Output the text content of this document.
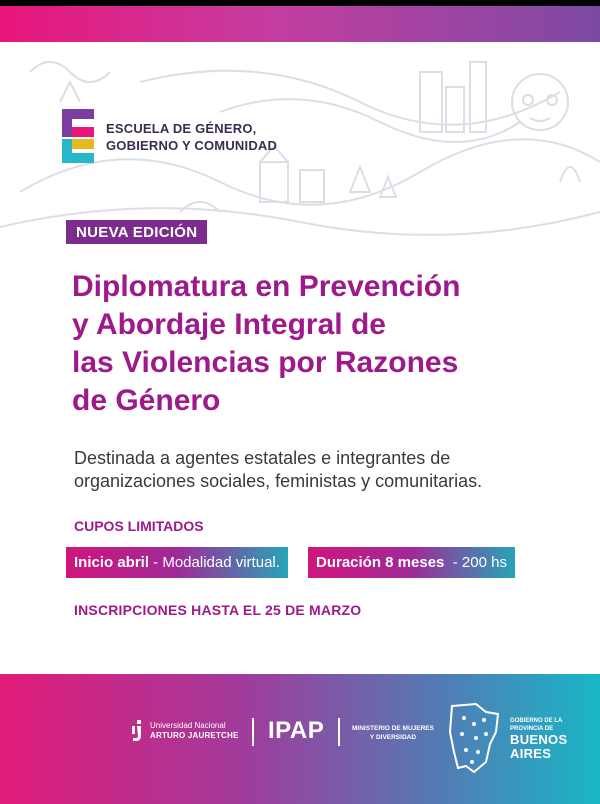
ESCUELA DE GÉNERO,
GOBIERNO Y COMUNIDAD
NUEVA EDICIÓN
Diplomatura en Prevención
y Abordaje Integral de
las Violencias por Razones
de Género
Destinada a agentes estatales e integrantes de
organizaciones sociales, feministas y comunitarias.
CUPOS LIMITADOS
Inicio abril - Modalidad virtual.	Duración 8 meses  - 200 hs
INSCRIPCIONES HASTA EL 25 DE MARZO
Universidad Nacional
ARTURO JAURETCHE IPAP	MINISTERIO DE MUJERES
Y DIVERSIDAD
GOBIERNO DE LA
PROVINCIA DE
BUENOS
AIRES
